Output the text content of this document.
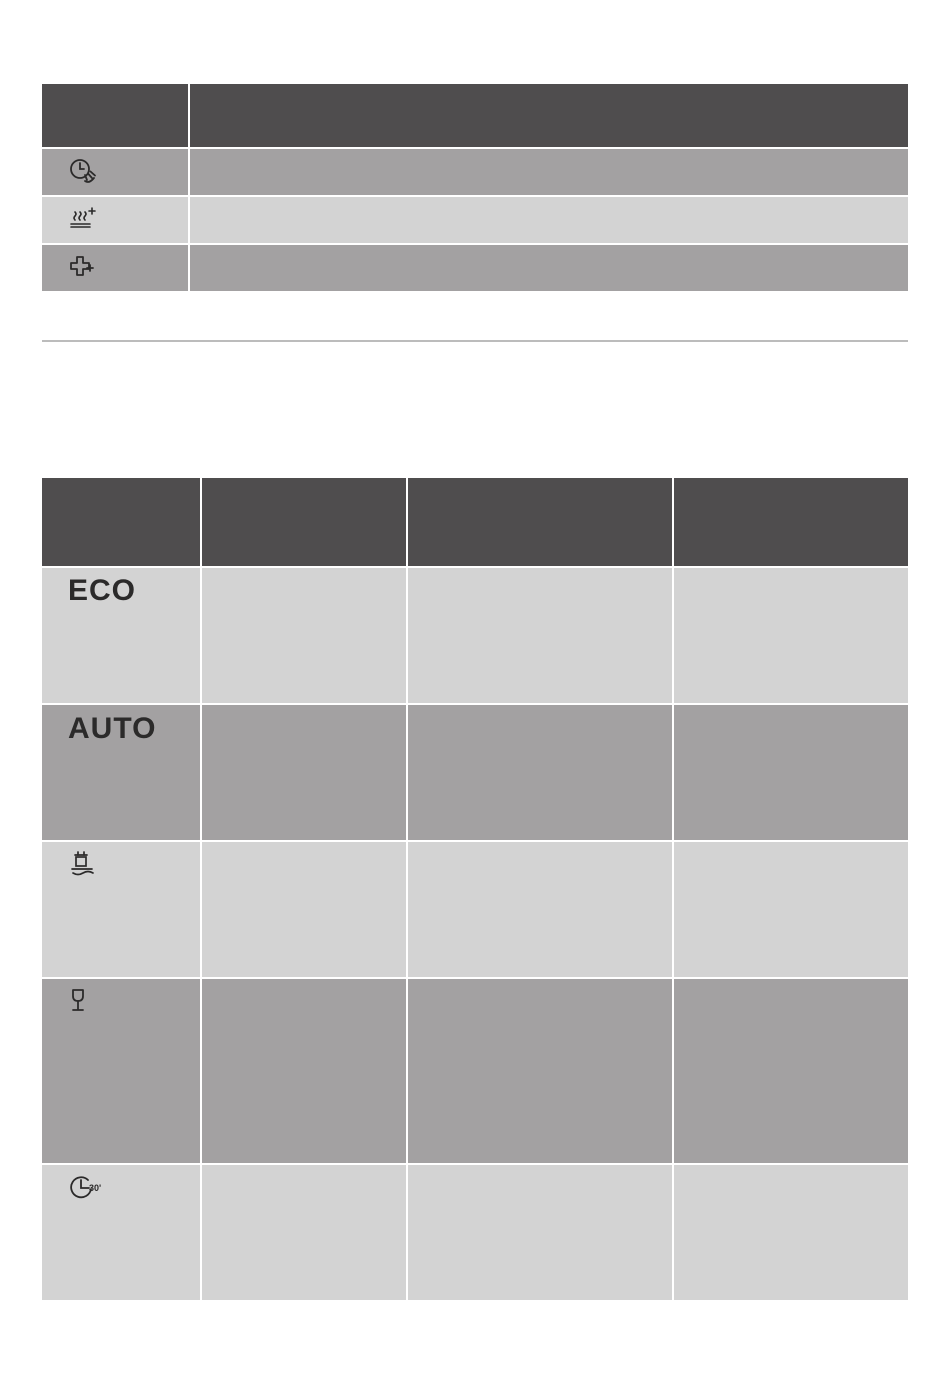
ECO
AUTO
30'
